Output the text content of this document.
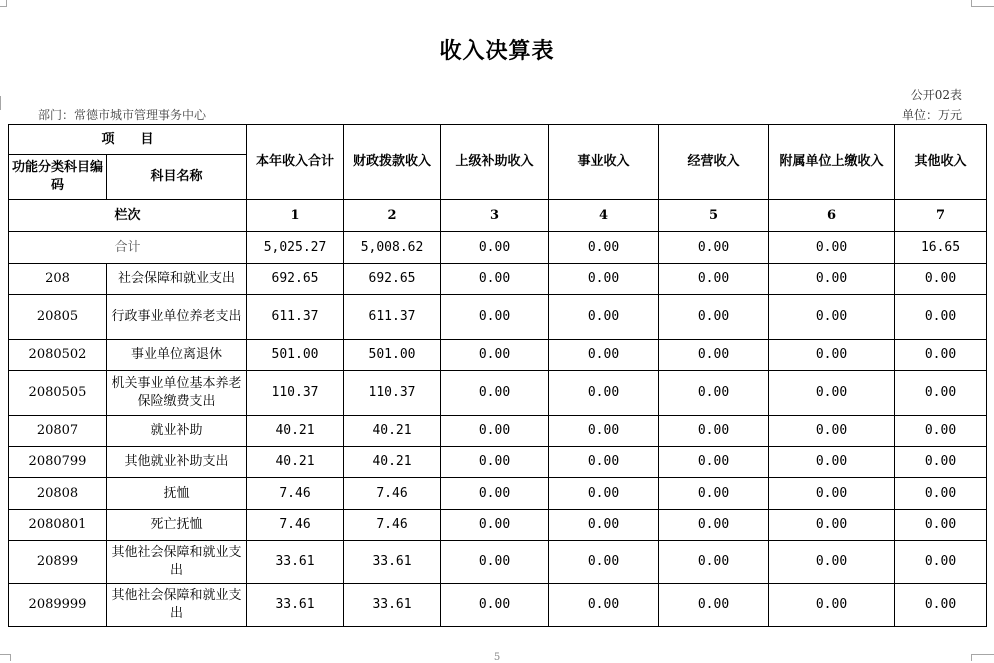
收入决算表
公开02表
部门：常德市城市管理事务中心	单位：万元
项　　目		本年收入合计	财政拨款收入	上级补助收入	事业收入	经营收入	附属单位上缴收入	其他收入
功能分类科目编码	科目名称							
栏次		1	2	3	4	5	6	7
合计		5,025.27	5,008.62	0.00	0.00	0.00	0.00	16.65
208	社会保障和就业支出	692.65	692.65	0.00	0.00	0.00	0.00	0.00
20805	行政事业单位养老支出	611.37	611.37	0.00	0.00	0.00	0.00	0.00
2080502	事业单位离退休	501.00	501.00	0.00	0.00	0.00	0.00	0.00
2080505	机关事业单位基本养老保险缴费支出	110.37	110.37	0.00	0.00	0.00	0.00	0.00
20807	就业补助	40.21	40.21	0.00	0.00	0.00	0.00	0.00
2080799	其他就业补助支出	40.21	40.21	0.00	0.00	0.00	0.00	0.00
20808	抚恤	7.46	7.46	0.00	0.00	0.00	0.00	0.00
2080801	死亡抚恤	7.46	7.46	0.00	0.00	0.00	0.00	0.00
20899	其他社会保障和就业支出	33.61	33.61	0.00	0.00	0.00	0.00	0.00
2089999	其他社会保障和就业支出	33.61	33.61	0.00	0.00	0.00	0.00	0.00
5
